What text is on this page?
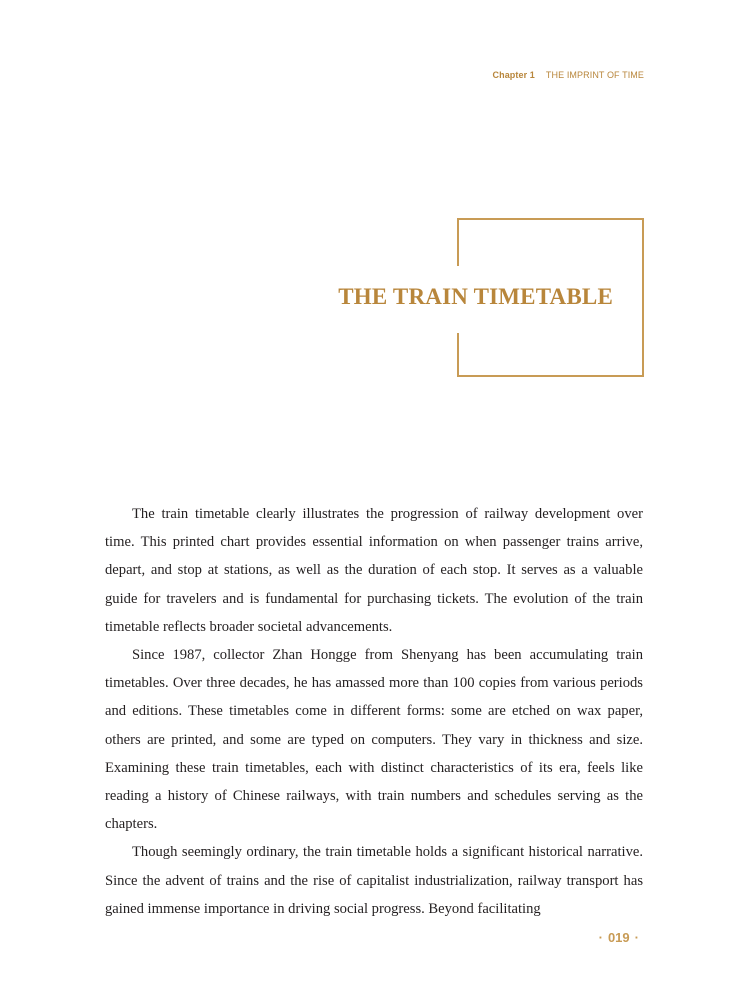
Chapter 1 THE IMPRINT OF TIME
THE TRAIN TIMETABLE

The train timetable clearly illustrates the progression of railway development over time. This printed chart provides essential information on when passenger trains arrive, depart, and stop at stations, as well as the duration of each stop. It serves as a valuable guide for travelers and is fundamental for purchasing tickets. The evolution of the train timetable reflects broader societal advancements.

Since 1987, collector Zhan Hongge from Shenyang has been accumulating train timetables. Over three decades, he has amassed more than 100 copies from various periods and editions. These timetables come in different forms: some are etched on wax paper, others are printed, and some are typed on computers. They vary in thickness and size. Examining these train timetables, each with distinct characteristics of its era, feels like reading a history of Chinese railways, with train numbers and schedules serving as the chapters.

Though seemingly ordinary, the train timetable holds a significant historical narrative. Since the advent of trains and the rise of capitalist industrialization, railway transport has gained immense importance in driving social progress. Beyond facilitating

· 019 ·
